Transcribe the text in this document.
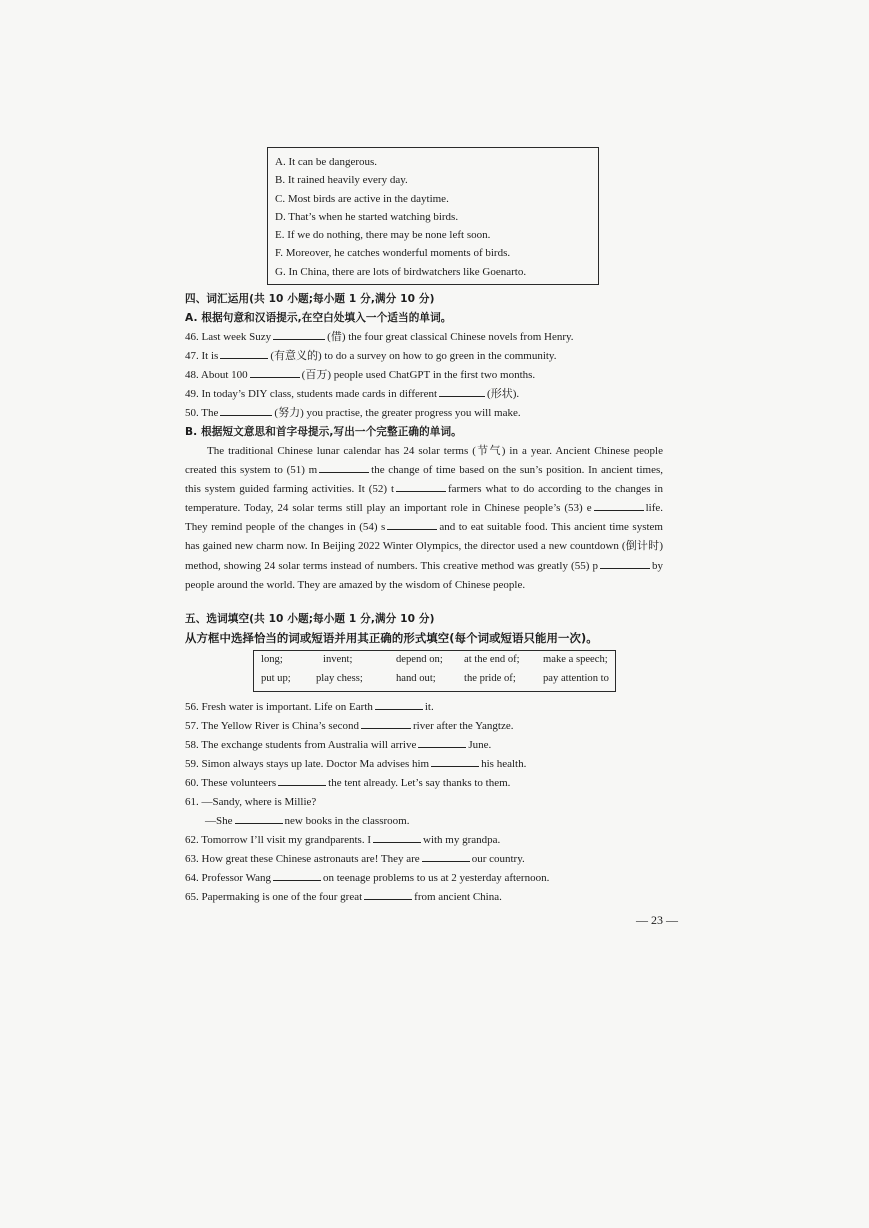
A. It can be dangerous.
B. It rained heavily every day.
C. Most birds are active in the daytime.
D. That’s when he started watching birds.
E. If we do nothing, there may be none left soon.
F. Moreover, he catches wonderful moments of birds.
G. In China, there are lots of birdwatchers like Goenarto.
四、词汇运用(共 10 小题;每小题 1 分,满分 10 分)
A. 根据句意和汉语提示,在空白处填入一个适当的单词。
46. Last week Suzy	(借) the four great classical Chinese novels from Henry.
47. It is	(有意义的) to do a survey on how to go green in the community.
48. About 100	(百万) people used ChatGPT in the first two months.
49. In today’s DIY class, students made cards in different	(形状).
50. The	(努力) you practise, the greater progress you will make.
B. 根据短文意思和首字母提示,写出一个完整正确的单词。
The traditional Chinese lunar calendar has 24 solar terms (节气) in a year. Ancient Chinese people created this system to (51) m	the change of time based on the sun’s position. In ancient times, this system guided farming activities. It (52) t	farmers what to do according to the changes in temperature. Today, 24 solar terms still play an important role in Chinese people’s (53) e	life. They remind people of the changes in (54) s	and to eat suitable food. This ancient time system has gained new charm now. In Beijing 2022 Winter Olympics, the director used a new countdown (倒计时) method, showing 24 solar terms instead of numbers. This creative method was greatly (55) p	by people around the world. They are amazed by the wisdom of Chinese people.
五、选词填空(共 10 小题;每小题 1 分,满分 10 分)
从方框中选择恰当的词或短语并用其正确的形式填空(每个词或短语只能用一次)。
long;	invent;	depend on; at the end of; make a speech;
put up; play chess;	hand out;	the pride of;	pay attention to
56. Fresh water is important. Life on Earth	it.
57. The Yellow River is China’s second	river after the Yangtze.
58. The exchange students from Australia will arrive	June.
59. Simon always stays up late. Doctor Ma advises him	his health.
60. These volunteers	the tent already. Let’s say thanks to them.
61. —Sandy, where is Millie?
—She	new books in the classroom.
62. Tomorrow I’ll visit my grandparents. I	with my grandpa.
63. How great these Chinese astronauts are! They are	our country.
64. Professor Wang	on teenage problems to us at 2 yesterday afternoon.
65. Papermaking is one of the four great	from ancient China.
— 23 —
